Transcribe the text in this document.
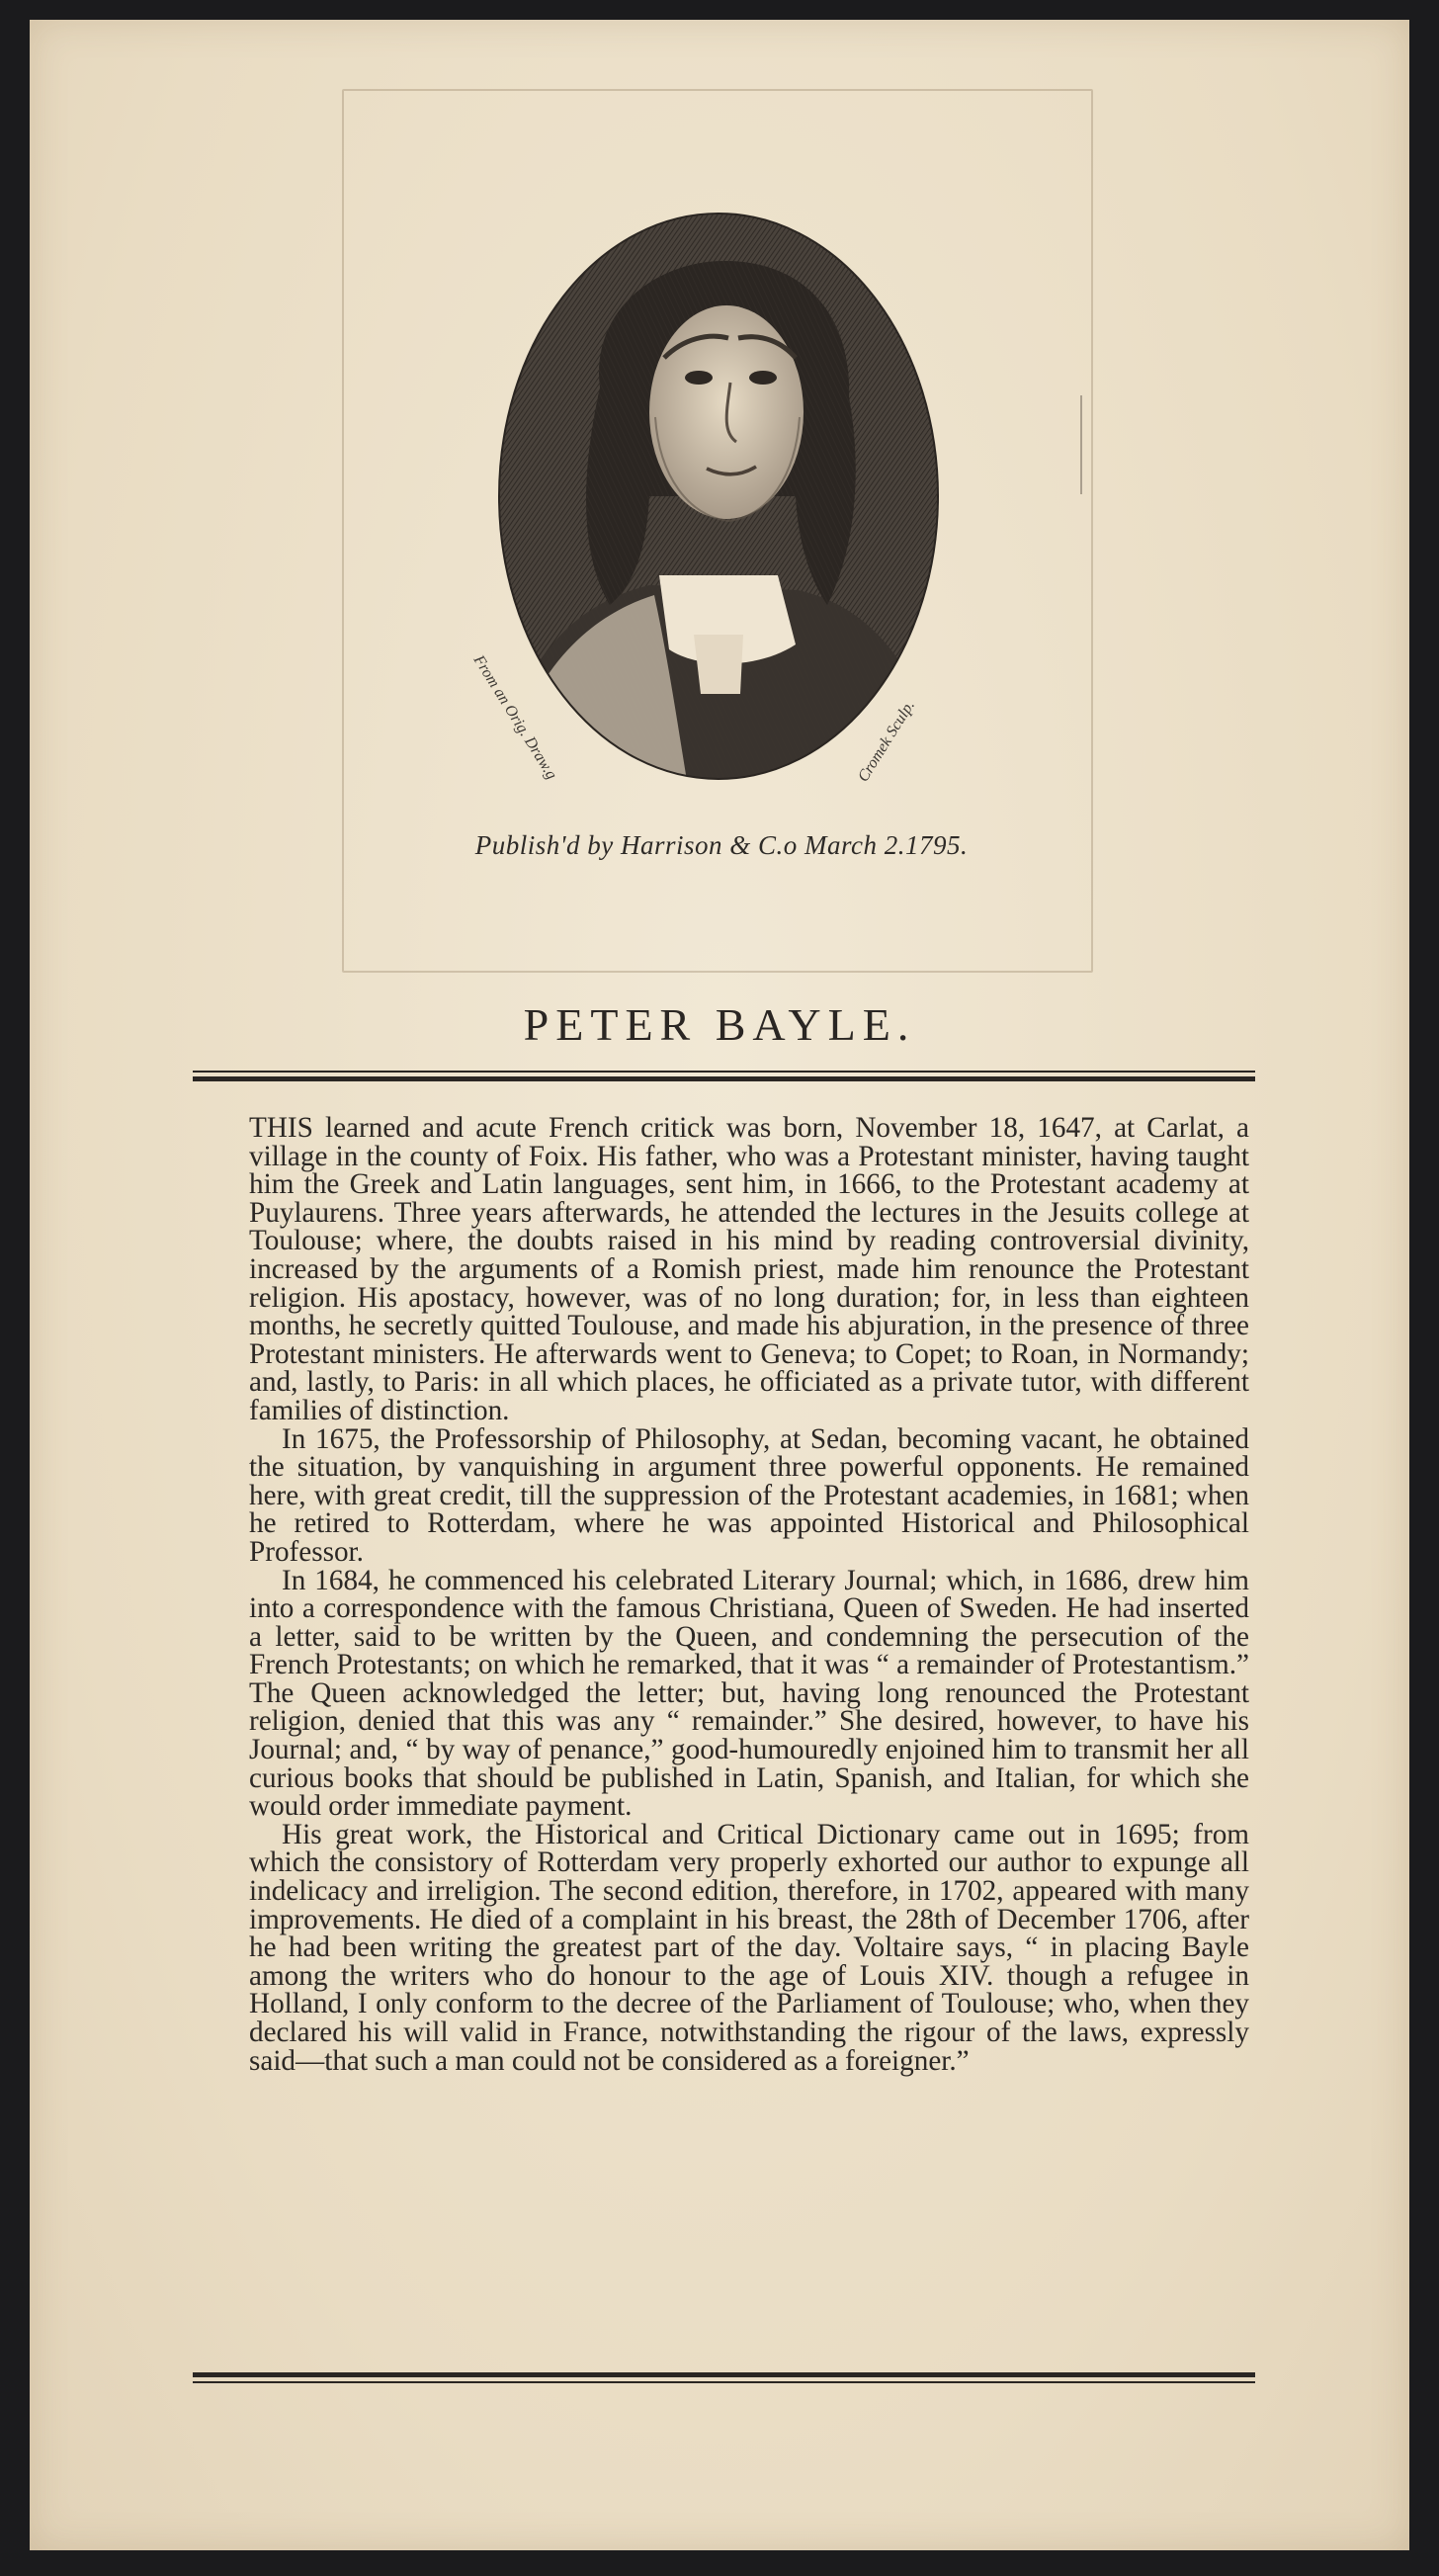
From an Orig. Draw.g	Cromek Sculp.
Publish'd by Harrison & C.o March 2.1795.
PETER BAYLE.

THIS learned and acute French critick was born, November 18, 1647, at Carlat, a village in the county of Foix. His father, who was a Protestant minister, having taught him the Greek and Latin languages, sent him, in 1666, to the Protestant academy at Puylaurens. Three years afterwards, he attended the lectures in the Jesuits college at Toulouse; where, the doubts raised in his mind by reading controversial divinity, increased by the arguments of a Romish priest, made him renounce the Protestant religion. His apostacy, however, was of no long duration; for, in less than eighteen months, he secretly quitted Toulouse, and made his abjuration, in the presence of three Protestant ministers. He afterwards went to Geneva; to Copet; to Roan, in Normandy; and, lastly, to Paris: in all which places, he officiated as a private tutor, with different families of distinction.

In 1675, the Professorship of Philosophy, at Sedan, becoming vacant, he obtained the situation, by vanquishing in argument three powerful opponents. He remained here, with great credit, till the suppression of the Protestant academies, in 1681; when he retired to Rotterdam, where he was appointed Historical and Philosophical Professor.

In 1684, he commenced his celebrated Literary Journal; which, in 1686, drew him into a correspondence with the famous Christiana, Queen of Sweden. He had inserted a letter, said to be written by the Queen, and condemning the persecution of the French Protestants; on which he remarked, that it was “ a remainder of Protestantism.” The Queen acknowledged the letter; but, having long renounced the Protestant religion, denied that this was any “ remainder.” She desired, however, to have his Journal; and, “ by way of penance,” good-humouredly enjoined him to transmit her all curious books that should be published in Latin, Spanish, and Italian, for which she would order immediate payment.

His great work, the Historical and Critical Dictionary came out in 1695; from which the consistory of Rotterdam very properly exhorted our author to expunge all indelicacy and irreligion. The second edition, therefore, in 1702, appeared with many improvements. He died of a complaint in his breast, the 28th of December 1706, after he had been writing the greatest part of the day. Voltaire says, “ in placing Bayle among the writers who do honour to the age of Louis XIV. though a refugee in Holland, I only conform to the decree of the Parliament of Toulouse; who, when they declared his will valid in France, notwithstanding the rigour of the laws, expressly said—that such a man could not be considered as a foreigner.”
